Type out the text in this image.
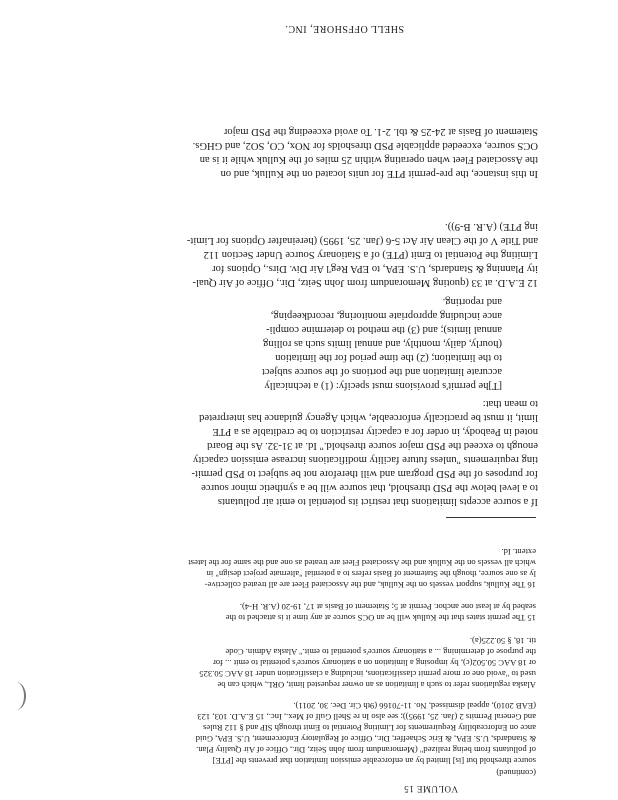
VOLUME 15
(continued)
source threshold but [is] limited by an enforceable emission limitation that prevents the [PTE]
of pollutants from being realized" (Memorandum from John Seitz, Dir., Office of Air Quality Plan.
& Standards, U.S. EPA, & Eric Schaeffer, Dir., Office of Regulatory Enforcement, U.S. EPA, Guid
ance on Enforceability Requirements for Limiting Potential to Emit through SIP and § 112 Rules
and General Permits 2 (Jan. 25, 1995)); see also In re Shell Gulf of Mex., Inc., 15 E.A.D. 103, 123
(EAB 2010), appeal dismissed, No. 11-70166 (9th Cir. Dec. 30, 2011).
Alaska regulations refer to such a limitation as an owner requested limit, ORL, which can be
used to "avoid one or more permit classifications, including a classification under 18 AAC 50.325
or 18 AAC 50.502(c), by imposing a limitation on a stationary source's potential to emit ... for
the purpose of determining ... a stationary source's potential to emit." Alaska Admin. Code
tit. 18, § 50.225(a).
15 The permit states that the Kulluk will be an OCS source at any time it is attached to the
seabed by at least one anchor. Permit at 5; Statement of Basis at 17, 19-20 (A.R. H-4).
16 The Kulluk, support vessels on the Kulluk, and the Associated Fleet are all treated collective-
ly as one source, though the Statement of Basis refers to a potential "alternate project design" in
which all vessels on the Kulluk and the Associated Fleet are treated as one and the same for the latest
extent. Id.
If a source accepts limitations that restrict its potential to emit air pollutants
to a level below the PSD threshold, that source will be a synthetic minor source
for purposes of the PSD program and will therefore not be subject to PSD permit-
ting requirements "unless future facility modifications increase emission capacity
enough to exceed the PSD major source threshold." Id. at 31-32. As the Board
noted in Peabody, in order for a capacity restriction to be creditable as a PTE
limit, it must be practically enforceable, which Agency guidance has interpreted
to mean that:
[T]he permit's provisions must specify: (1) a technically
accurate limitation and the portions of the source subject
to the limitation; (2) the time period for the limitation
(hourly, daily, monthly, and annual limits such as rolling
annual limits); and (3) the method to determine compli-
ance including appropriate monitoring, recordkeeping,
and reporting.
12 E.A.D. at 33 (quoting Memorandum from John Seitz, Dir., Office of Air Qual-
ity Planning & Standards, U.S. EPA, to EPA Reg'l Air Div. Dirs., Options for
Limiting the Potential to Emit (PTE) of a Stationary Source Under Section 112
and Title V of the Clean Air Act 5-6 (Jan. 25, 1995) (hereinafter Options for Limit-
ing PTE) (A.R. B-9)).
In this instance, the pre-permit PTE for units located on the Kulluk, and on
the Associated Fleet when operating within 25 miles of the Kulluk while it is an
OCS source, exceeded applicable PSD thresholds for NOx, CO, SO2, and GHGs.
Statement of Basis at 24-25 & tbl. 2-1. To avoid exceeding the PSD major
SHELL OFFSHORE, INC.
